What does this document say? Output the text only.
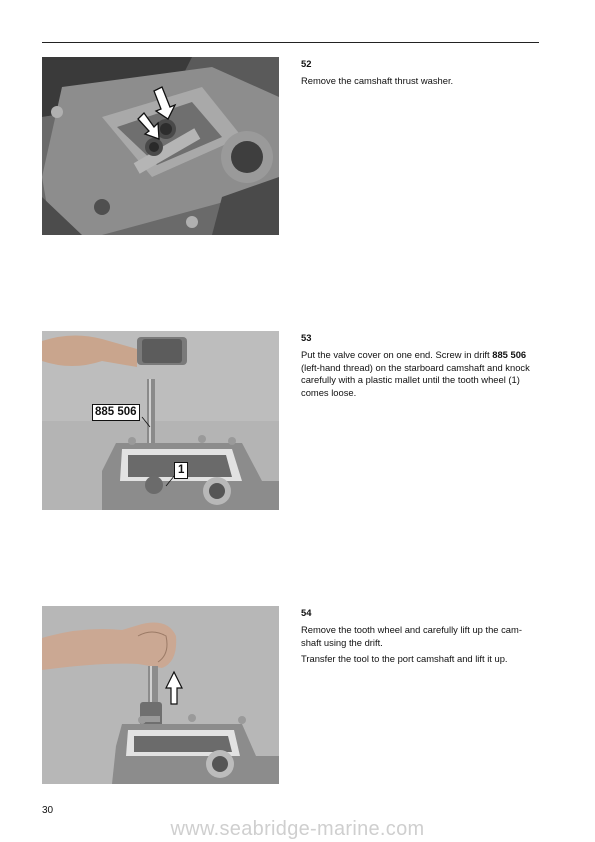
52

Remove the camshaft thrust washer.

885 506
1
53

Put the valve cover on one end. Screw in drift 885 506 (left-hand thread) on the starboard camshaft and knock carefully with a plastic mallet until the tooth wheel (1) comes loose.

54

Remove the tooth wheel and carefully lift up the cam-shaft using the drift.

Transfer the tool to the port camshaft and lift it up.

30
www.seabridge-marine.com
